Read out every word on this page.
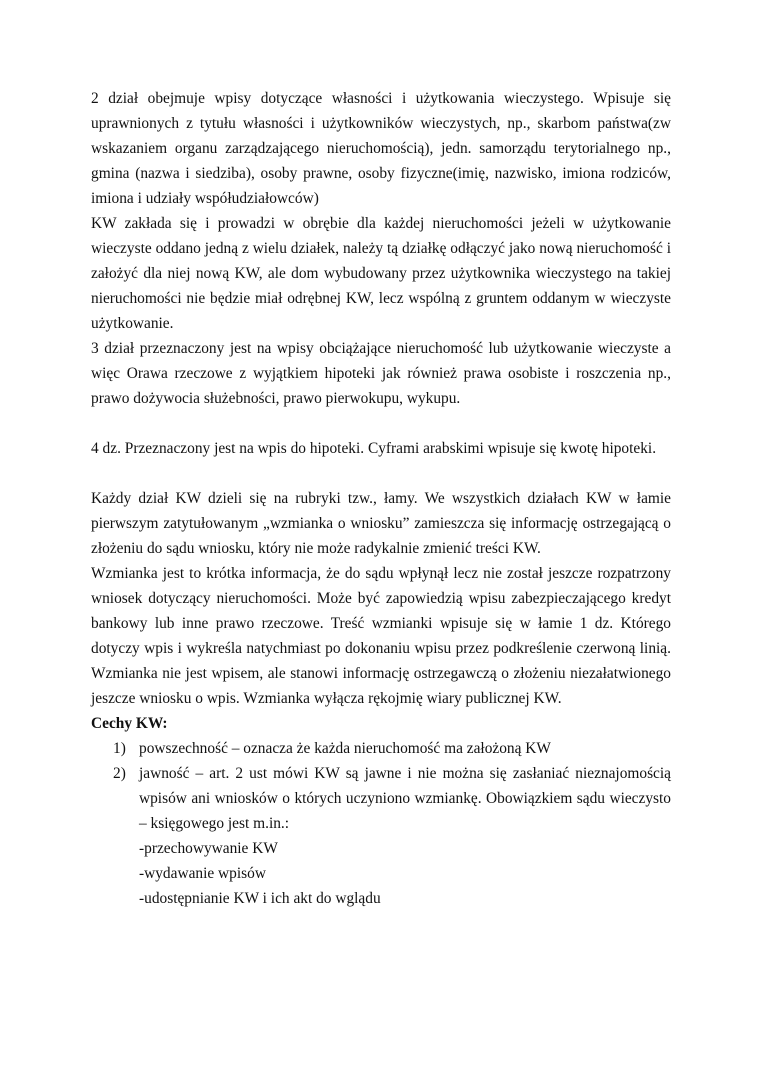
2 dział obejmuje wpisy dotyczące własności i użytkowania wieczystego. Wpisuje się uprawnionych z tytułu własności i użytkowników wieczystych, np., skarbom państwa(zw wskazaniem organu zarządzającego nieruchomością), jedn. samorządu terytorialnego np., gmina (nazwa i siedziba), osoby prawne, osoby fizyczne(imię, nazwisko, imiona rodziców, imiona i udziały współudziałowców)

KW zakłada się i prowadzi w obrębie dla każdej nieruchomości jeżeli w użytkowanie wieczyste oddano jedną z wielu działek, należy tą działkę odłączyć jako nową nieruchomość i założyć dla niej nową KW, ale dom wybudowany przez użytkownika wieczystego na takiej nieruchomości nie będzie miał odrębnej KW, lecz wspólną z gruntem oddanym w wieczyste użytkowanie.

3 dział przeznaczony jest na wpisy obciążające nieruchomość lub użytkowanie wieczyste a więc Orawa rzeczowe z wyjątkiem hipoteki jak również prawa osobiste i roszczenia np., prawo dożywocia służebności, prawo pierwokupu, wykupu.

4 dz. Przeznaczony jest na wpis do hipoteki. Cyframi arabskimi wpisuje się kwotę hipoteki.

Każdy dział KW dzieli się na rubryki tzw., łamy. We wszystkich działach KW w łamie pierwszym zatytułowanym „wzmianka o wniosku” zamieszcza się informację ostrzegającą o złożeniu do sądu wniosku, który nie może radykalnie zmienić treści KW.

Wzmianka jest to krótka informacja, że do sądu wpłynął lecz nie został jeszcze rozpatrzony wniosek dotyczący nieruchomości. Może być zapowiedzią wpisu zabezpieczającego kredyt bankowy lub inne prawo rzeczowe. Treść wzmianki wpisuje się w łamie 1 dz. Którego dotyczy wpis i wykreśla natychmiast po dokonaniu wpisu przez podkreślenie czerwoną linią. Wzmianka nie jest wpisem, ale stanowi informację ostrzegawczą o złożeniu niezałatwionego jeszcze wniosku o wpis. Wzmianka wyłącza rękojmię wiary publicznej KW.

Cechy KW:

1) powszechność – oznacza że każda nieruchomość ma założoną KW
2) jawność – art. 2 ust mówi KW są jawne i nie można się zasłaniać nieznajomością wpisów ani wniosków o których uczyniono wzmiankę. Obowiązkiem sądu wieczysto – księgowego jest m.in.:
-przechowywanie KW
-wydawanie wpisów
-udostępnianie KW i ich akt do wglądu
